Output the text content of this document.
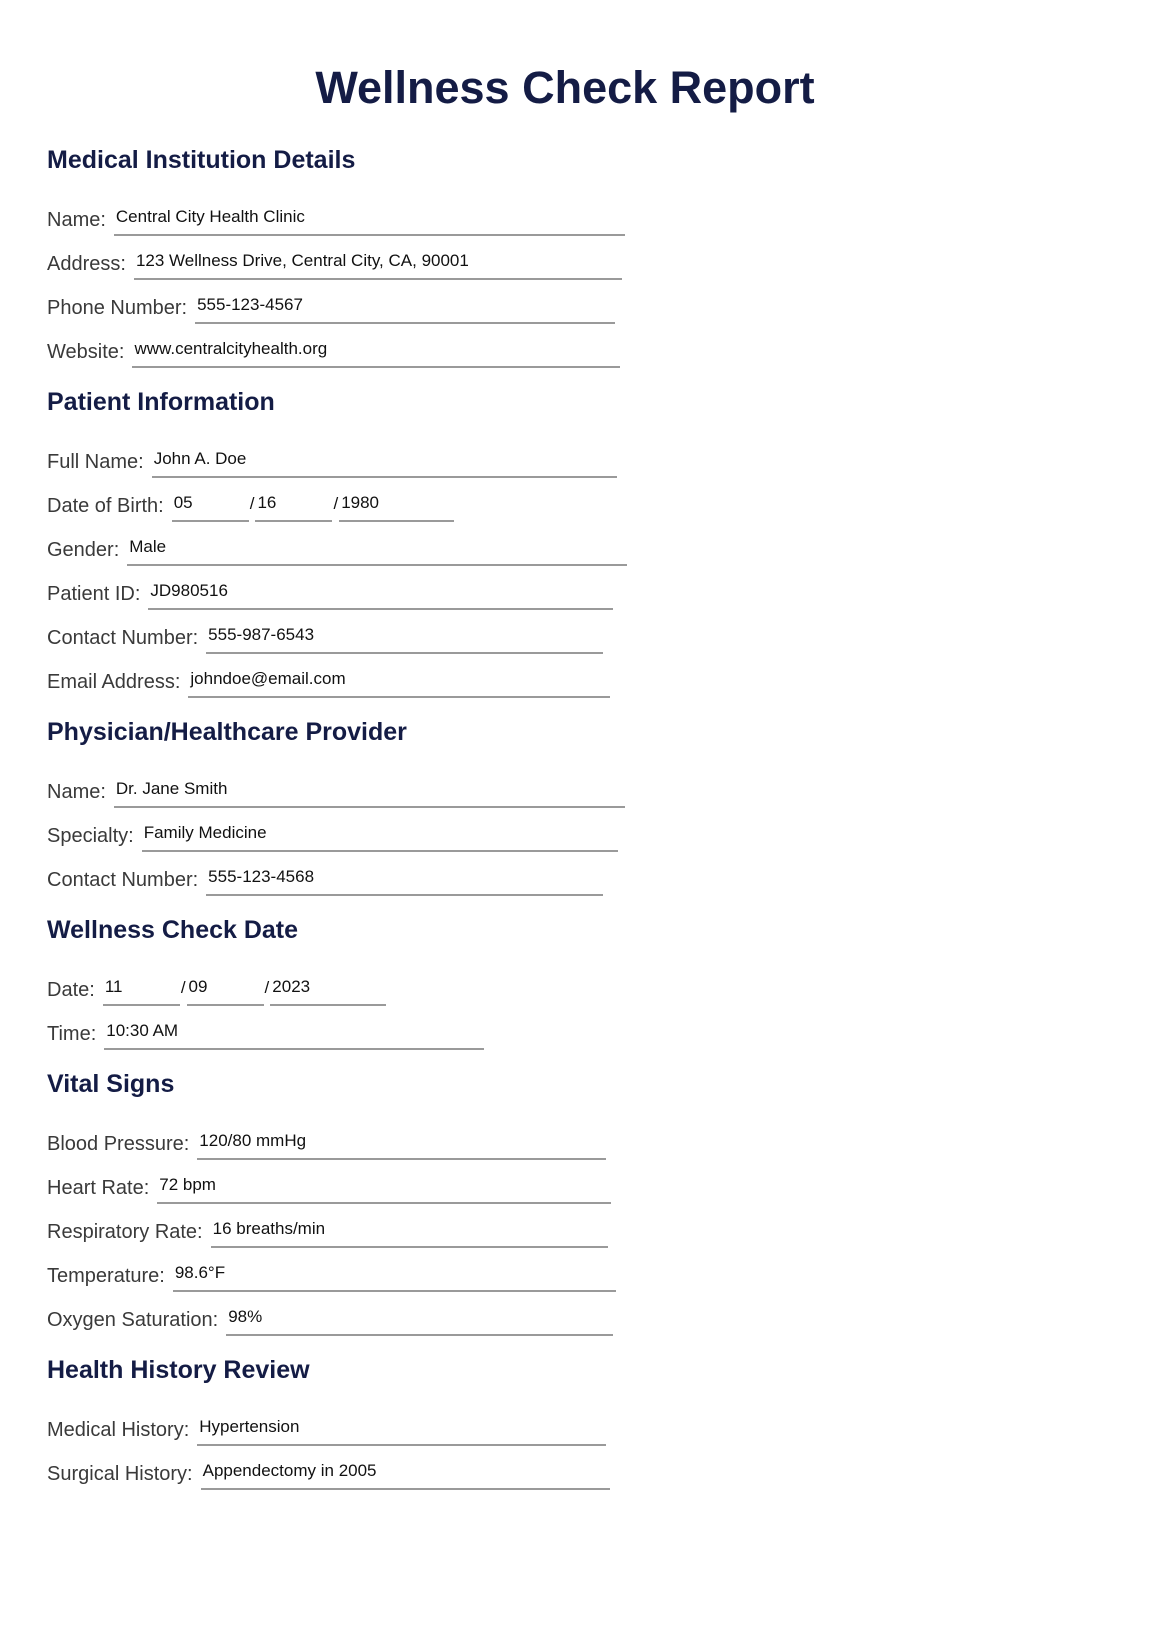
Wellness Check Report
Medical Institution Details
Name: Central City Health Clinic
Address: 123 Wellness Drive, Central City, CA, 90001
Phone Number: 555-123-4567
Website: www.centralcityhealth.org
Patient Information
Full Name: John A. Doe
Date of Birth: 05	/ 16	/ 1980
Gender: Male
Patient ID: JD980516
Contact Number: 555-987-6543
Email Address: johndoe@email.com
Physician/Healthcare Provider
Name: Dr. Jane Smith
Specialty: Family Medicine
Contact Number: 555-123-4568
Wellness Check Date
Date: 11	/ 09	/ 2023
Time: 10:30 AM
Vital Signs
Blood Pressure: 120/80 mmHg
Heart Rate: 72 bpm
Respiratory Rate: 16 breaths/min
Temperature: 98.6°F
Oxygen Saturation: 98%
Health History Review
Medical History: Hypertension
Surgical History: Appendectomy in 2005
